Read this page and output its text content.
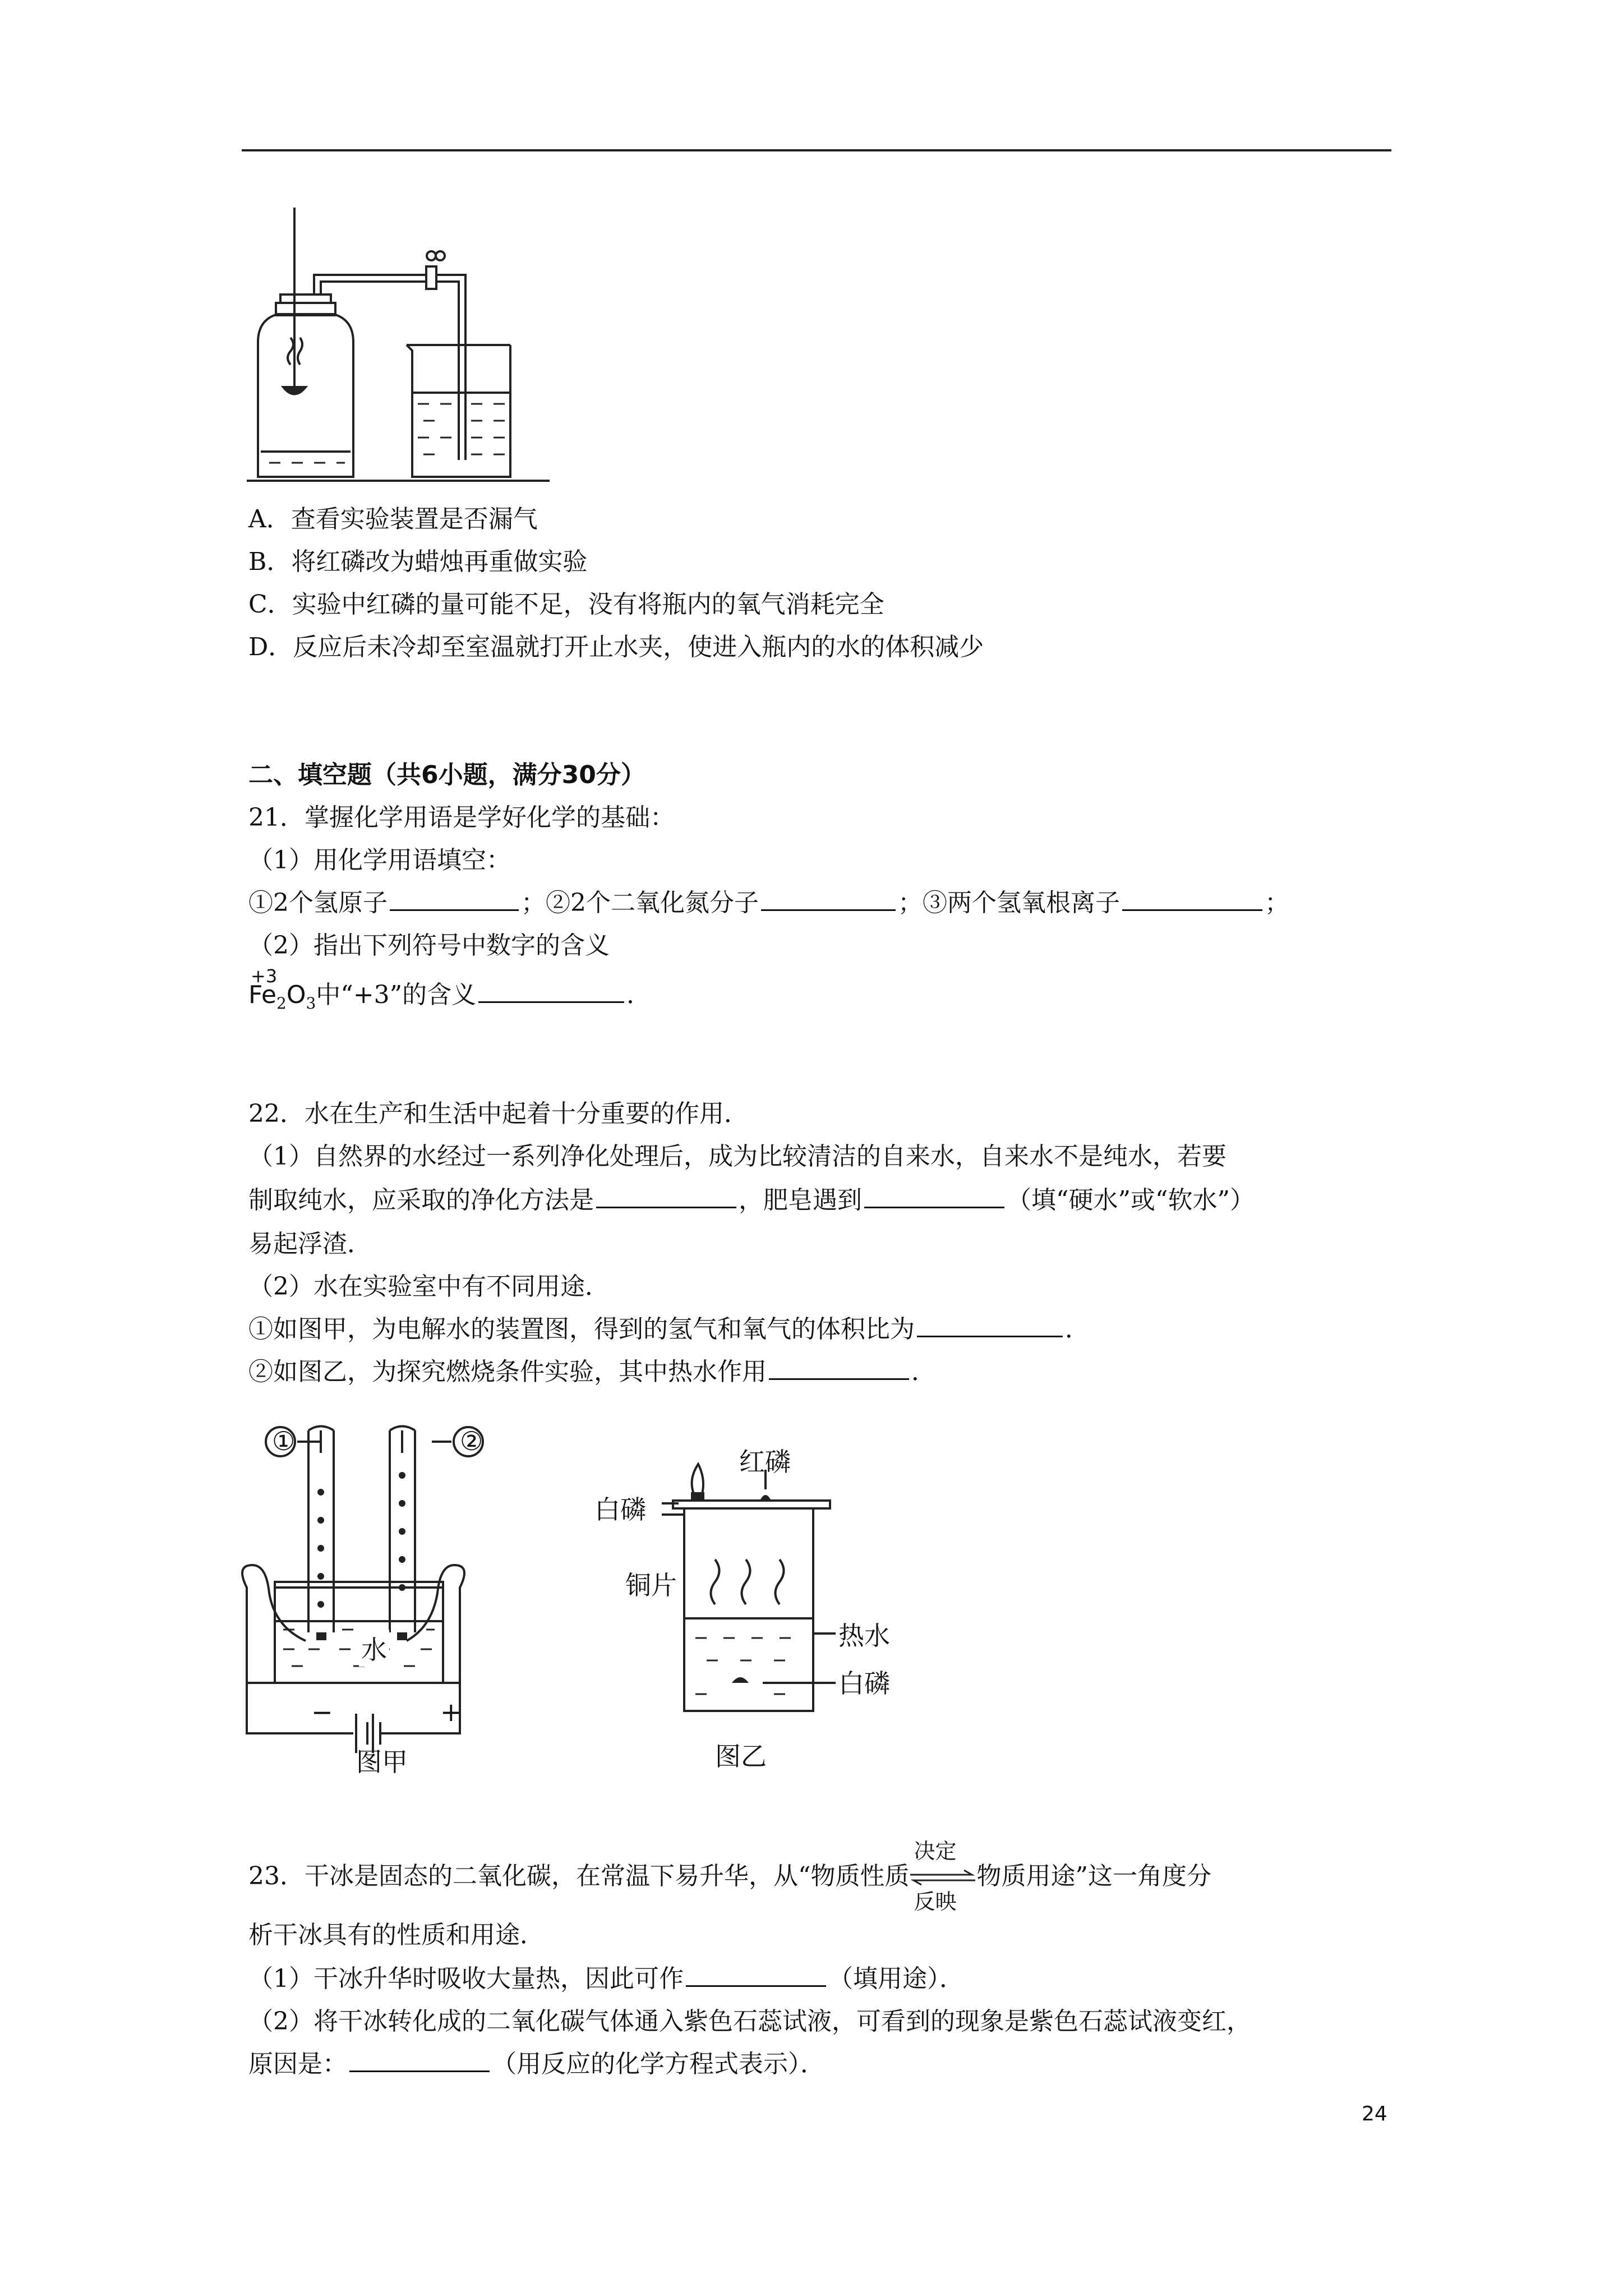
A．查看实验装置是否漏气
B．将红磷改为蜡烛再重做实验
C．实验中红磷的量可能不足，没有将瓶内的氧气消耗完全
D．反应后未冷却至室温就打开止水夹，使进入瓶内的水的体积减少
二、填空题（共6小题，满分30分）
21．掌握化学用语是学好化学的基础：
（1）用化学用语填空：
①2个氢原子	；②2个二氧化氮分子	；③两个氢氧根离子	；
（2）指出下列符号中数字的含义
+3
$Fe_2O_3$中“+3”的含义	．
22．水在生产和生活中起着十分重要的作用．
（1）自然界的水经过一系列净化处理后，成为比较清洁的自来水，自来水不是纯水，若要
制取纯水，应采取的净化方法是	，肥皂遇到	（填“硬水”或“软水”）
易起浮渣．
（2）水在实验室中有不同用途．
①如图甲，为电解水的装置图，得到的氢气和氧气的体积比为	．
②如图乙，为探究燃烧条件实验，其中热水作用	．
①	②
水
−	+
图甲
红磷
白磷
铜片
热水
白磷
图乙
23．干冰是固态的二氧化碳，在常温下易升华，从“物质性质
决定
反映
物质用途”这一角度分
析干冰具有的性质和用途．
（1）干冰升华时吸收大量热，因此可作	（填用途）．
（2）将干冰转化成的二氧化碳气体通入紫色石蕊试液，可看到的现象是紫色石蕊试液变红，
原因是：	（用反应的化学方程式表示）．
24
